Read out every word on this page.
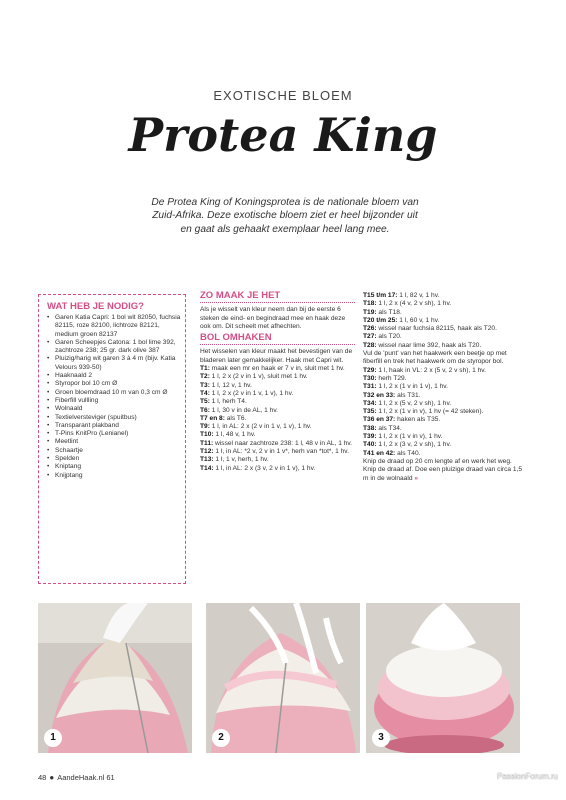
EXOTISCHE BLOEM
Protea King
De Protea King of Koningsprotea is de nationale bloem van Zuid-Afrika. Deze exotische bloem ziet er heel bijzonder uit en gaat als gehaakt exemplaar heel lang mee.
WAT HEB JE NODIG?
• Garen Katia Capri: 1 bol wit 82050, fuchsia 82115, roze 82100, lichtroze 82121, medium groen 82137
• Garen Scheepjes Catona: 1 bol lime 392, zachtroze 238; 25 gr. dark olive 387
• Pluizig/harig wit garen 3 à 4 m (bijv. Katia Velours 939-50)
• Haaknaald 2
• Styropor bol 10 cm Ø
• Groen bloemdraad 10 m van 0,3 cm Ø
• Fiberfill vullling
• Wolnaald
• Textielversteviger (spuitbus)
• Transparant plakband
• T-Pins KnitPro (Lenianel)
• Meetlint
• Schaartje
• Spelden
• Kniptang
• Knijptang
ZO MAAK JE HET

Als je wisselt van kleur neem dan bij de eerste 6 steken de eind- en begindraad mee en haak deze ook om. Dit scheelt met afhechten.

BOL OMHAKEN

Het wisselen van kleur maakt het bevestigen van de bladeren later gemakkelijker. Haak met Capri wit.

T1: maak een mr en haak er 7 v in, sluit met 1 hv.

T2: 1 l, 2 x (2 v in 1 v), sluit met 1 hv.

T3: 1 l, 12 v, 1 hv.

T4: 1 l, 2 x (2 v in 1 v, 1 v), 1 hv.

T5: 1 l, herh T4.

T6: 1 l, 30 v in de AL, 1 hv.

T7 en 8: als T6.

T9: 1 l, in AL: 2 x (2 v in 1 v, 1 v), 1 hv.

T10: 1 l, 48 v, 1 hv.

T11: wissel naar zachtroze 238: 1 l, 48 v in AL, 1 hv.

T12: 1 l, in AL: *2 v, 2 v in 1 v*, herh van *tot*, 1 hv.

T13: 1 l, 1 v, herh, 1 hv.

T14: 1 l, in AL: 2 x (3 v, 2 v in 1 v), 1 hv.

T15 t/m 17: 1 l, 82 v, 1 hv.

T18: 1 l, 2 x (4 v, 2 v sh), 1 hv.

T19: als T18.

T20 t/m 25: 1 l, 60 v, 1 hv.

T26: wissel naar fuchsia 82115, haak als T20.

T27: als T20.

T28: wissel naar lime 392, haak als T20.

Vul de 'punt' van het haakwerk een beetje op met fiberfill en trek het haakwerk om de styropor bol.

T29: 1 l, haak in VL: 2 x (5 v, 2 v sh), 1 hv.

T30: herh T29.

T31: 1 l, 2 x (1 v in 1 v), 1 hv.

T32 en 33: als T31.

T34: 1 l, 2 x (5 v, 2 v sh), 1 hv.

T35: 1 l, 2 x (1 v in v), 1 hv (= 42 steken).

T36 en 37: haken als T35.

T38: als T34.

T39: 1 l, 2 x (1 v in v), 1 hv.

T40: 1 l, 2 x (3 v, 2 v sh), 1 hv.

T41 en 42: als T40.

Knip de draad op 20 cm lengte af en werk het weg. Knip de draad af. Doe een pluizige draad van circa 1,5 m in de wolnaald »

1	2	3
48 ● AandeHaak.nl 61	PassionForum.ru
